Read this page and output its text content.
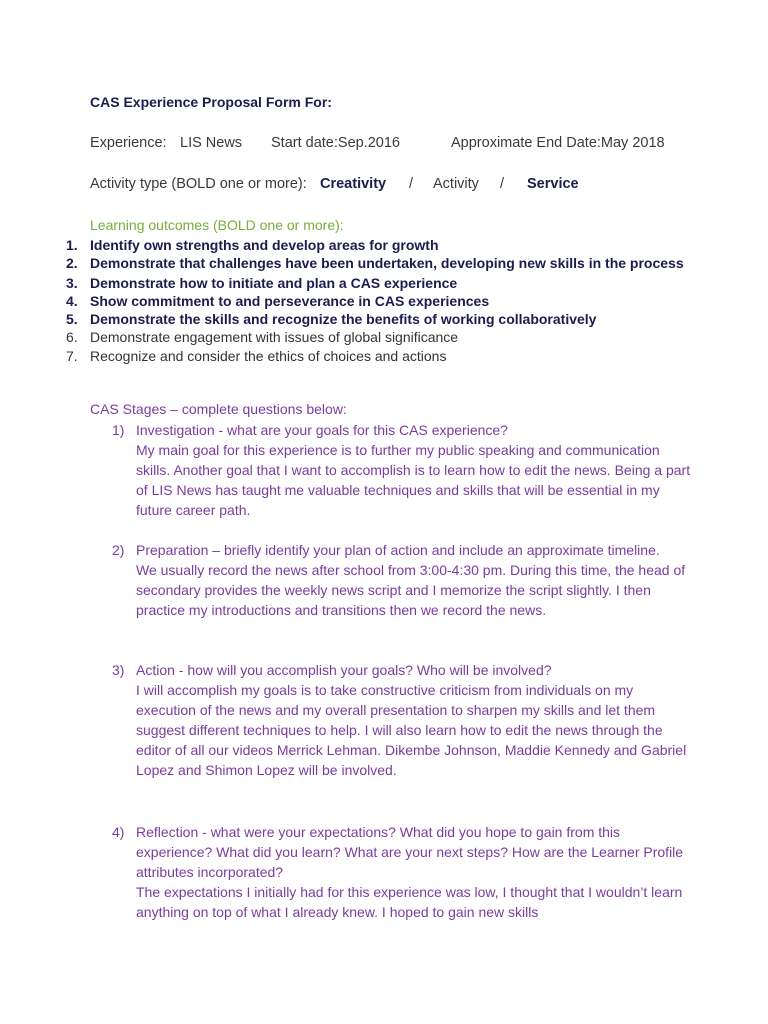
CAS Experience Proposal Form For:
Experience: LIS News Start date:Sep.2016	Approximate End Date:May 2018
Activity type (BOLD one or more): Creativity / Activity / Service
Learning outcomes (BOLD one or more):
1. Identify own strengths and develop areas for growth
2. Demonstrate that challenges have been undertaken, developing new skills in the process
3. Demonstrate how to initiate and plan a CAS experience
4. Show commitment to and perseverance in CAS experiences
5. Demonstrate the skills and recognize the benefits of working collaboratively
6. Demonstrate engagement with issues of global significance
7. Recognize and consider the ethics of choices and actions
CAS Stages – complete questions below:
1) Investigation - what are your goals for this CAS experience?
My main goal for this experience is to further my public speaking and communication skills. Another goal that I want to accomplish is to learn how to edit the news. Being a part of LIS News has taught me valuable techniques and skills that will be essential in my future career path.
2) Preparation – briefly identify your plan of action and include an approximate timeline.
We usually record the news after school from 3:00-4:30 pm. During this time, the head of secondary provides the weekly news script and I memorize the script slightly. I then practice my introductions and transitions then we record the news.
3) Action - how will you accomplish your goals? Who will be involved?
I will accomplish my goals is to take constructive criticism from individuals on my execution of the news and my overall presentation to sharpen my skills and let them suggest different techniques to help. I will also learn how to edit the news through the editor of all our videos Merrick Lehman. Dikembe Johnson, Maddie Kennedy and Gabriel Lopez and Shimon Lopez will be involved.
4) Reflection - what were your expectations? What did you hope to gain from this experience? What did you learn? What are your next steps? How are the Learner Profile attributes incorporated?
The expectations I initially had for this experience was low, I thought that I wouldn’t learn anything on top of what I already knew. I hoped to gain new skills
